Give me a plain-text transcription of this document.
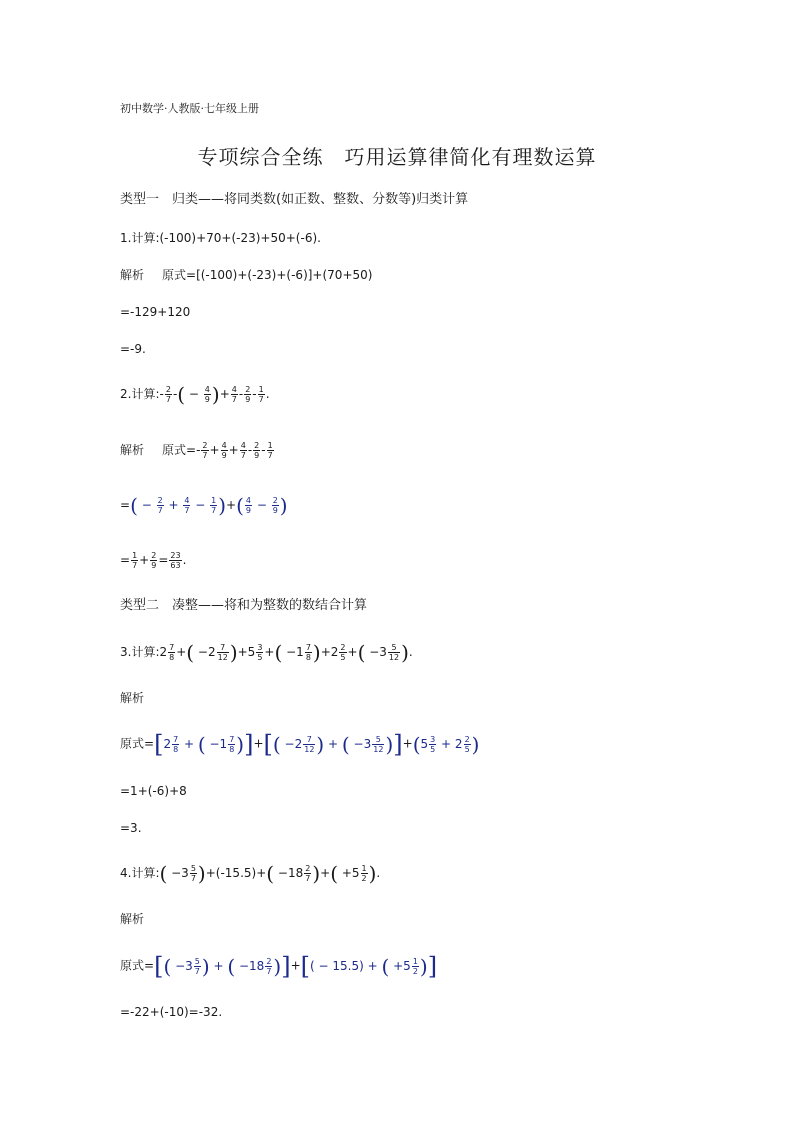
初中数学·人教版·七年级上册
专项综合全练　巧用运算律简化有理数运算
类型一　归类——将同类数(如正数、整数、分数等)归类计算
1.计算:(-100)+70+(-23)+50+(-6).
解析 原式=[(-100)+(-23)+(-6)]+(70+50)
=-129+120
=-9.
2.计算:- $\frac{2}{7}$ -( − $\frac{4}{9}$ )+ $\frac{4}{7} - \frac{2}{9} - \frac{1}{7}$ .
解析 原式=- $\frac{2}{7} + \frac{4}{9} + \frac{4}{7} - \frac{2}{9} - \frac{1}{7}$
=( − $\frac{2}{7} + \frac{4}{7} - \frac{1}{7}$ )+( $\frac{4}{9} - \frac{2}{9}$ )
= $\frac{1}{7} + \frac{2}{9} = \frac{23}{63}$ .
类型二　凑整——将和为整数的数结合计算
3.计算:2 $\frac{7}{8}$ +( $-2 \frac{7}{12} )+5 \frac{3}{5}$ +( $-1 \frac{7}{8} )+2 \frac{2}{5}$ +( $-3 \frac{5}{12}$ ).
解析
原式$=[2 \frac{7}{8}$ + ( $-1 \frac{7}{8}$ )]+[( $-2 \frac{7}{12}$ ) + ( $-3 \frac{5}{12} )]+(5 \frac{3}{5} + 2 \frac{2}{5}$ )
=1+(-6)+8
=3.
4.计算:( $-3 \frac{5}{7} )+(-15.5)+( -18 \frac{2}{7}$ )+( $+5 \frac{1}{2}$ ).
解析
原式=[( $-3 \frac{5}{7}$ ) + ( $-18 \frac{2}{7}$ )]+[( − 15.5) + ( $+5 \frac{1}{2}$ )]
=-22+(-10)=-32.
